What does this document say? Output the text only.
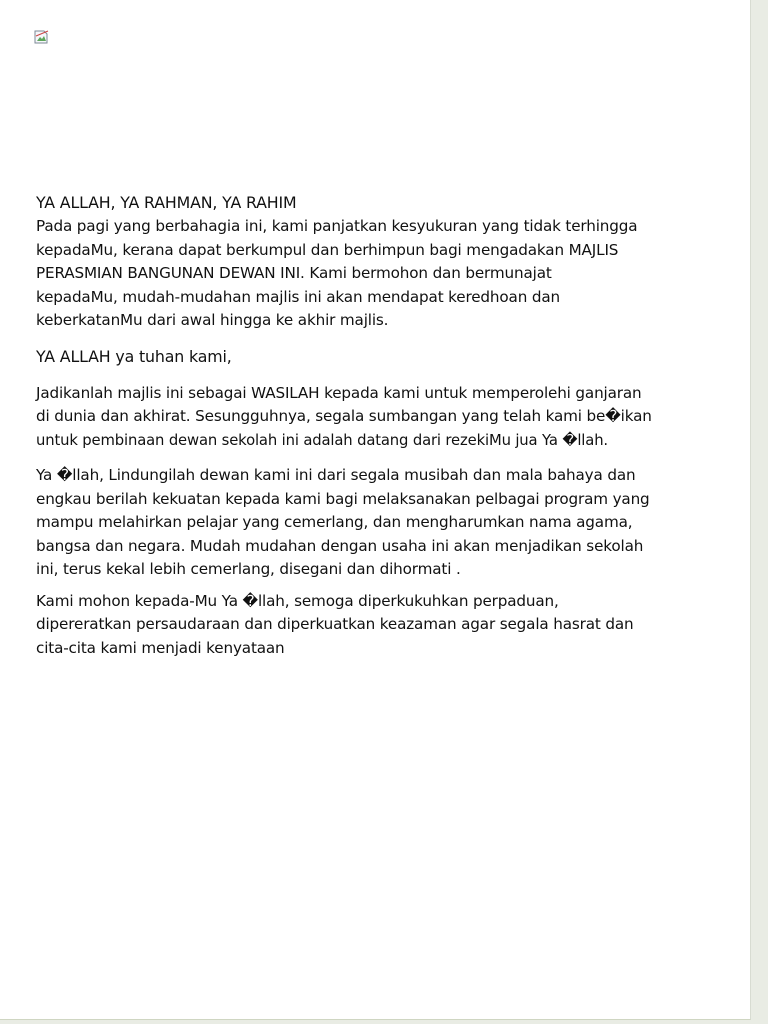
YA ALLAH, YA RAHMAN, YA RAHIM

Pada pagi yang berbahagia ini, kami panjatkan kesyukuran yang tidak terhingga

kepadaMu, kerana dapat berkumpul dan berhimpun bagi mengadakan MAJLIS

PERASMIAN BANGUNAN DEWAN INI. Kami bermohon dan bermunajat

kepadaMu, mudah-mudahan majlis ini akan mendapat keredhoan dan

keberkatanMu dari awal hingga ke akhir majlis.

YA ALLAH ya tuhan kami,

Jadikanlah majlis ini sebagai WASILAH kepada kami untuk memperolehi ganjaran

di dunia dan akhirat. Sesungguhnya, segala sumbangan yang telah kami be�ikan

untuk pembinaan dewan sekolah ini adalah datang dari rezekiMu jua Ya �llah.

Ya �llah, Lindungilah dewan kami ini dari segala musibah dan mala bahaya dan

engkau berilah kekuatan kepada kami bagi melaksanakan pelbagai program yang

mampu melahirkan pelajar yang cemerlang, dan mengharumkan nama agama,

bangsa dan negara. Mudah mudahan dengan usaha ini akan menjadikan sekolah

ini, terus kekal lebih cemerlang, disegani dan dihormati .

Kami mohon kepada-Mu Ya �llah, semoga diperkukuhkan perpaduan,

dipereratkan persaudaraan dan diperkuatkan keazaman agar segala hasrat dan

cita-cita kami menjadi kenyataan
